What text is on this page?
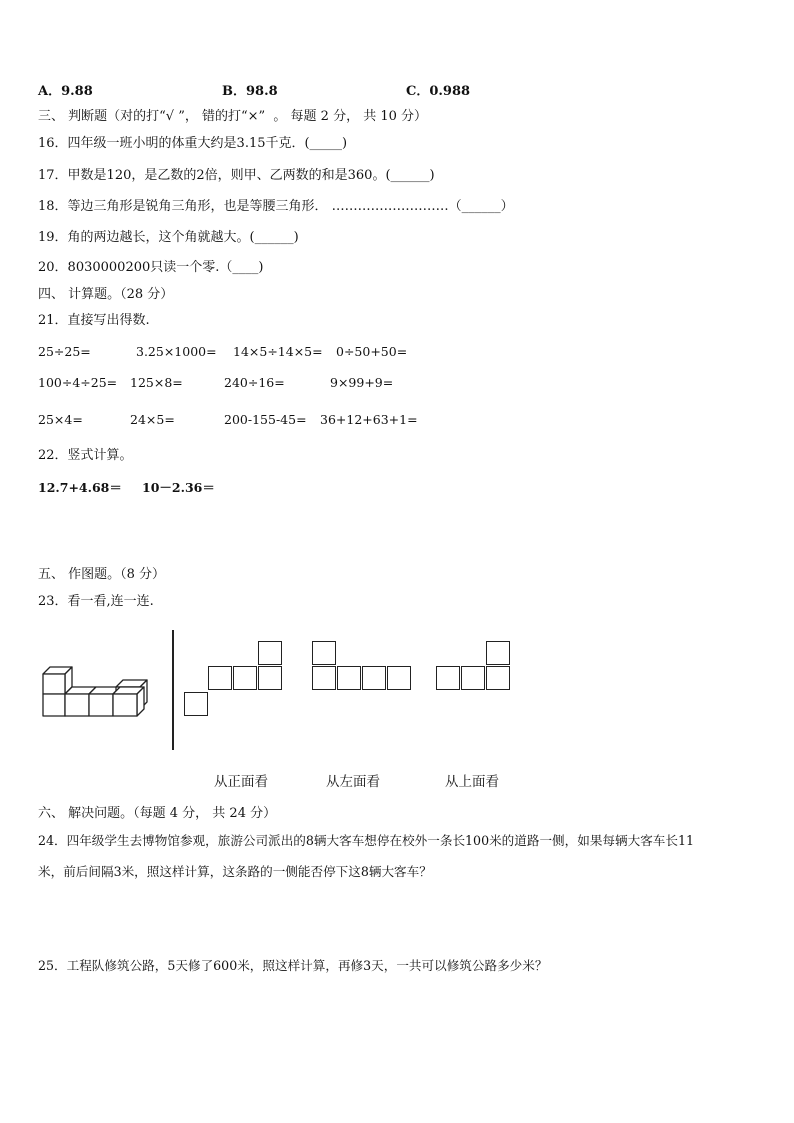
A．9.88	B．98.8	C．0.988
三、 判断题（对的打“√ ”， 错的打“×”  。 每题 2 分， 共 10 分）
16．四年级一班小明的体重大约是3.15千克．(_____)
17．甲数是120，是乙数的2倍，则甲、乙两数的和是360。(______)
18．等边三角形是锐角三角形，也是等腰三角形． ………………………（______）
19．角的两边越长，这个角就越大。(______)
20．8030000200只读一个零.（____)
四、 计算题。（28 分）
21．直接写出得数.
25÷25=	3.25×1000= 14×5÷14×5= 0÷50+50=
100÷4÷25= 125×8=	240÷16=	9×99+9=
25×4=	24×5=	200-155-45= 36+12+63+1=
22．竖式计算。
12.7+4.68＝ 10－2.36＝
五、 作图题。（8 分）
23．看一看,连一连.
从正面看	从左面看	从上面看
六、 解决问题。（每题 4 分， 共 24 分）
24．四年级学生去博物馆参观，旅游公司派出的8辆大客车想停在校外一条长100米的道路一侧，如果每辆大客车长11
米，前后间隔3米，照这样计算，这条路的一侧能否停下这8辆大客车？
25．工程队修筑公路，5天修了600米，照这样计算，再修3天，一共可以修筑公路多少米？
